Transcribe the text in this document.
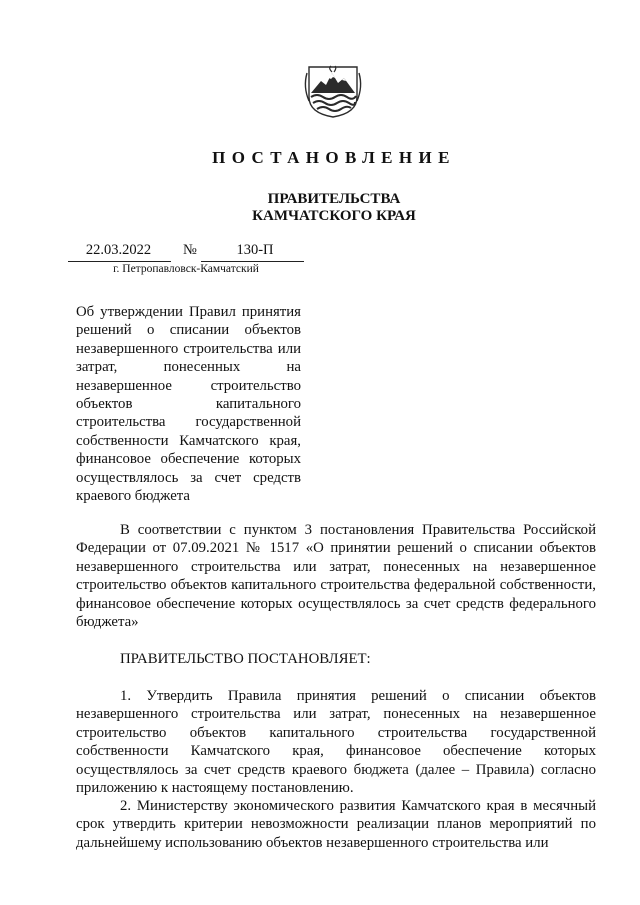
ПОСТАНОВЛЕНИЕ
ПРАВИТЕЛЬСТВА
КАМЧАТСКОГО КРАЯ
22.03.2022	№	130-П
г. Петропавловск-Камчатский
Об утверждении Правил принятия решений о списании объектов незавершенного строительства или затрат, понесенных на незавершенное строительство объектов капитального строительства государственной собственности Камчатского края, финансовое обеспечение которых осуществлялось за счет средств краевого бюджета
В соответствии с пунктом 3 постановления Правительства Российской Федерации от 07.09.2021 № 1517 «О принятии решений о списании объектов незавершенного строительства или затрат, понесенных на незавершенное строительство объектов капитального строительства федеральной собственности, финансовое обеспечение которых осуществлялось за счет средств федерального бюджета»
ПРАВИТЕЛЬСТВО ПОСТАНОВЛЯЕТ:
1. Утвердить Правила принятия решений о списании объектов незавершенного строительства или затрат, понесенных на незавершенное строительство объектов капитального строительства государственной собственности Камчатского края, финансовое обеспечение которых осуществлялось за счет средств краевого бюджета (далее – Правила) согласно приложению к настоящему постановлению.
2. Министерству экономического развития Камчатского края в месячный срок утвердить критерии невозможности реализации планов мероприятий по дальнейшему использованию объектов незавершенного строительства или
